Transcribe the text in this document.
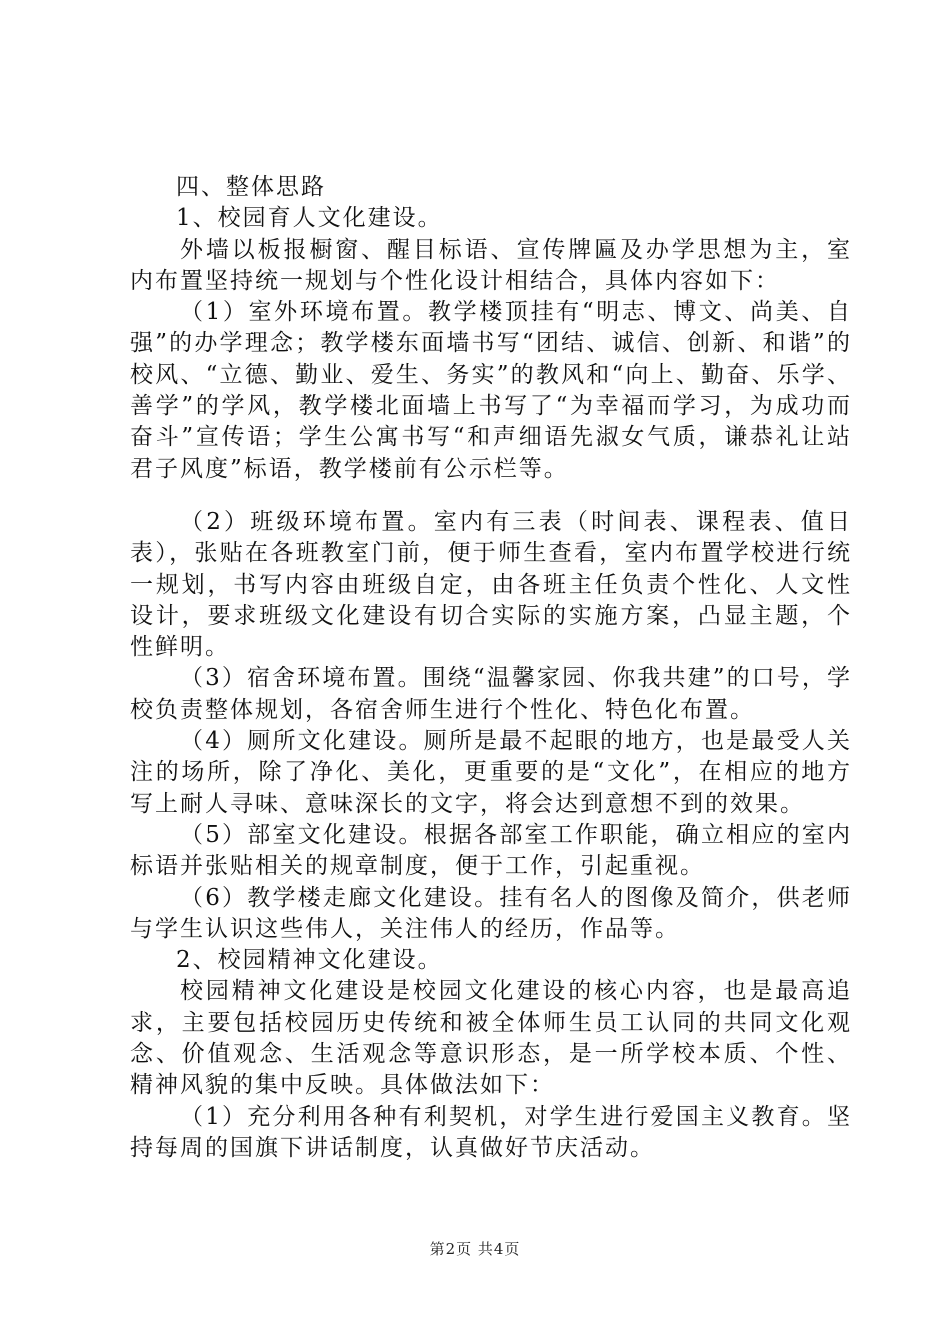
四、整体思路

1、校园育人文化建设。

外墙以板报橱窗、醒目标语、宣传牌匾及办学思想为主，室内布置坚持统一规划与个性化设计相结合，具体内容如下：

（1）室外环境布置。教学楼顶挂有“明志、博文、尚美、自强”的办学理念；教学楼东面墙书写“团结、诚信、创新、和谐”的校风、“立德、勤业、爱生、务实”的教风和“向上、勤奋、乐学、善学”的学风，教学楼北面墙上书写了“为幸福而学习，为成功而奋斗”宣传语；学生公寓书写“和声细语先淑女气质，谦恭礼让站君子风度”标语，教学楼前有公示栏等。

（2）班级环境布置。室内有三表（时间表、课程表、值日表），张贴在各班教室门前，便于师生查看，室内布置学校进行统一规划，书写内容由班级自定，由各班主任负责个性化、人文性设计，要求班级文化建设有切合实际的实施方案，凸显主题，个性鲜明。

（3）宿舍环境布置。围绕“温馨家园、你我共建”的口号，学校负责整体规划，各宿舍师生进行个性化、特色化布置。

（4）厕所文化建设。厕所是最不起眼的地方，也是最受人关注的场所，除了净化、美化，更重要的是“文化”，在相应的地方写上耐人寻味、意味深长的文字，将会达到意想不到的效果。

（5）部室文化建设。根据各部室工作职能，确立相应的室内标语并张贴相关的规章制度，便于工作，引起重视。

（6）教学楼走廊文化建设。挂有名人的图像及简介，供老师与学生认识这些伟人，关注伟人的经历，作品等。

2、校园精神文化建设。

校园精神文化建设是校园文化建设的核心内容，也是最高追求，主要包括校园历史传统和被全体师生员工认同的共同文化观念、价值观念、生活观念等意识形态，是一所学校本质、个性、精神风貌的集中反映。具体做法如下：

（1）充分利用各种有利契机，对学生进行爱国主义教育。坚持每周的国旗下讲话制度，认真做好节庆活动。

第2页 共4页
